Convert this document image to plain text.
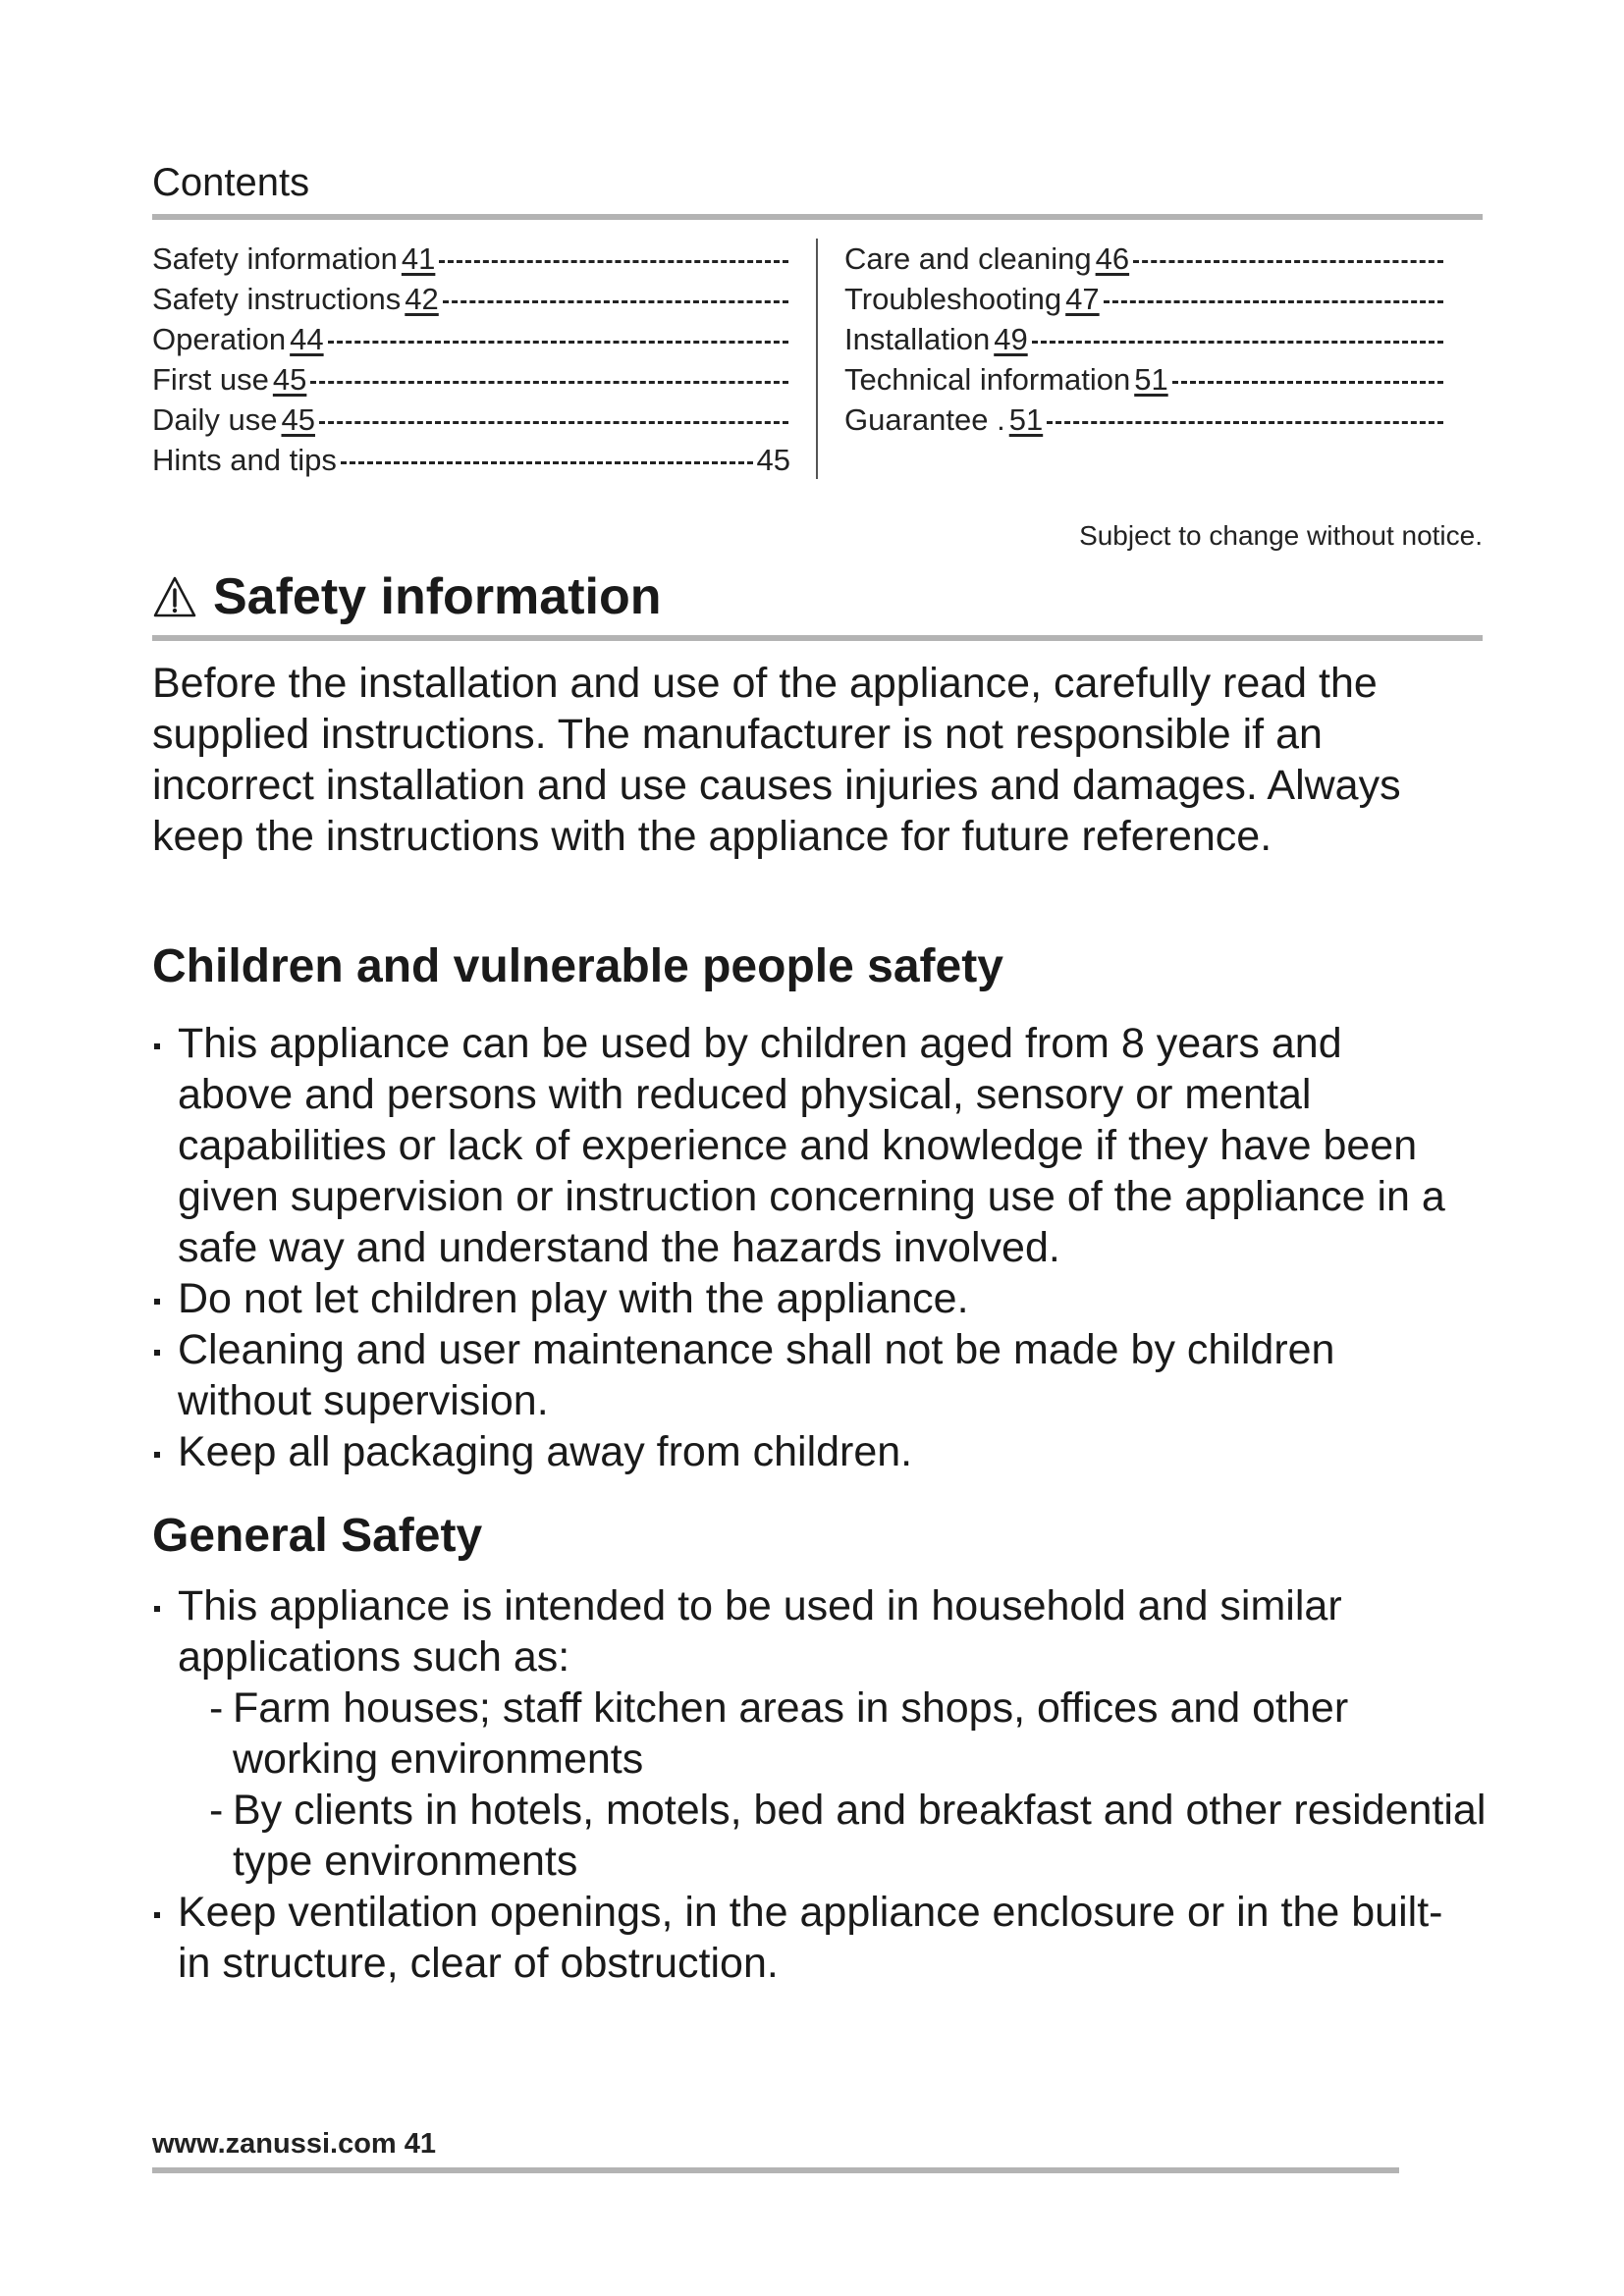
Contents
Safety information 41
Safety instructions 42
Operation 44
First use 45
Daily use 45
Hints and tips	45
Care and cleaning 46
Troubleshooting 47
Installation 49
Technical information 51
Guarantee . 51
Subject to change without notice.
Safety information
Before the installation and use of the appliance, carefully read the supplied instructions. The manufacturer is not responsible if an incorrect installation and use causes injuries and damages. Always keep the instructions with the appliance for future reference.
Children and vulnerable people safety
This appliance can be used by children aged from 8 years and above and persons with reduced physical, sensory or mental capabilities or lack of experience and knowledge if they have been given supervision or instruction concerning use of the appliance in a safe way and understand the hazards involved.
Do not let children play with the appliance.
Cleaning and user maintenance shall not be made by children without supervision.
Keep all packaging away from children.
General Safety
This appliance is intended to be used in household and similar applications such as:
- Farm houses; staff kitchen areas in shops, offices and other working environments
- By clients in hotels, motels, bed and breakfast and other residential type environments
Keep ventilation openings, in the appliance enclosure or in the built-in structure, clear of obstruction.
www.zanussi.com 41
